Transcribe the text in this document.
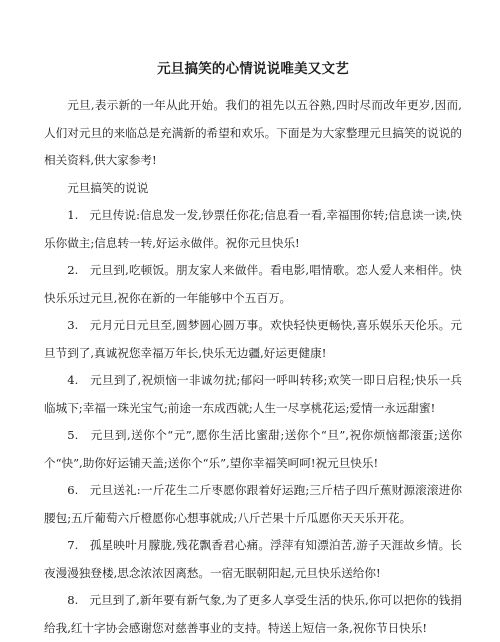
元旦搞笑的心情说说唯美又文艺

元旦,表示新的一年从此开始。我们的祖先以五谷熟,四时尽而改年更岁,因而,人们对元旦的来临总是充满新的希望和欢乐。下面是为大家整理元旦搞笑的说说的相关资料,供大家参考!

元旦搞笑的说说

1. 元旦传说:信息发一发,钞票任你花;信息看一看,幸福围你转;信息读一读,快乐你做主;信息转一转,好运永做伴。祝你元旦快乐!

2. 元旦到,吃顿饭。朋友家人来做伴。看电影,唱情歌。恋人爱人来相伴。快快乐乐过元旦,祝你在新的一年能够中个五百万。

3. 元月元日元旦至,圆梦圆心圆万事。欢快轻快更畅快,喜乐娱乐天伦乐。元旦节到了,真诚祝您幸福万年长,快乐无边疆,好运更健康!

4. 元旦到了,祝烦恼一非诚勿扰;郁闷一呼叫转移;欢笑一即日启程;快乐一兵临城下;幸福一珠光宝气;前途一东成西就;人生一尽享桃花运;爱情一永远甜蜜!

5. 元旦到,送你个“元”,愿你生活比蜜甜;送你个“旦”,祝你烦恼都滚蛋;送你个“快”,助你好运铺天盖;送你个“乐”,望你幸福笑呵呵!祝元旦快乐!

6. 元旦送礼:一斤花生二斤枣愿你跟着好运跑;三斤桔子四斤蕉财源滚滚进你腰包;五斤葡萄六斤橙愿你心想事就成;八斤芒果十斤瓜愿你天天乐开花。

7. 孤星映叶月朦胧,残花飘香君心痛。浮萍有知漂泊苦,游子天涯故乡情。长夜漫漫独登楼,思念浓浓因离愁。一宿无眠朝阳起,元旦快乐送给你!

8. 元旦到了,新年要有新气象,为了更多人享受生活的快乐,你可以把你的钱捐给我,红十字协会感谢您对慈善事业的支持。特送上短信一条,祝你节日快乐!
